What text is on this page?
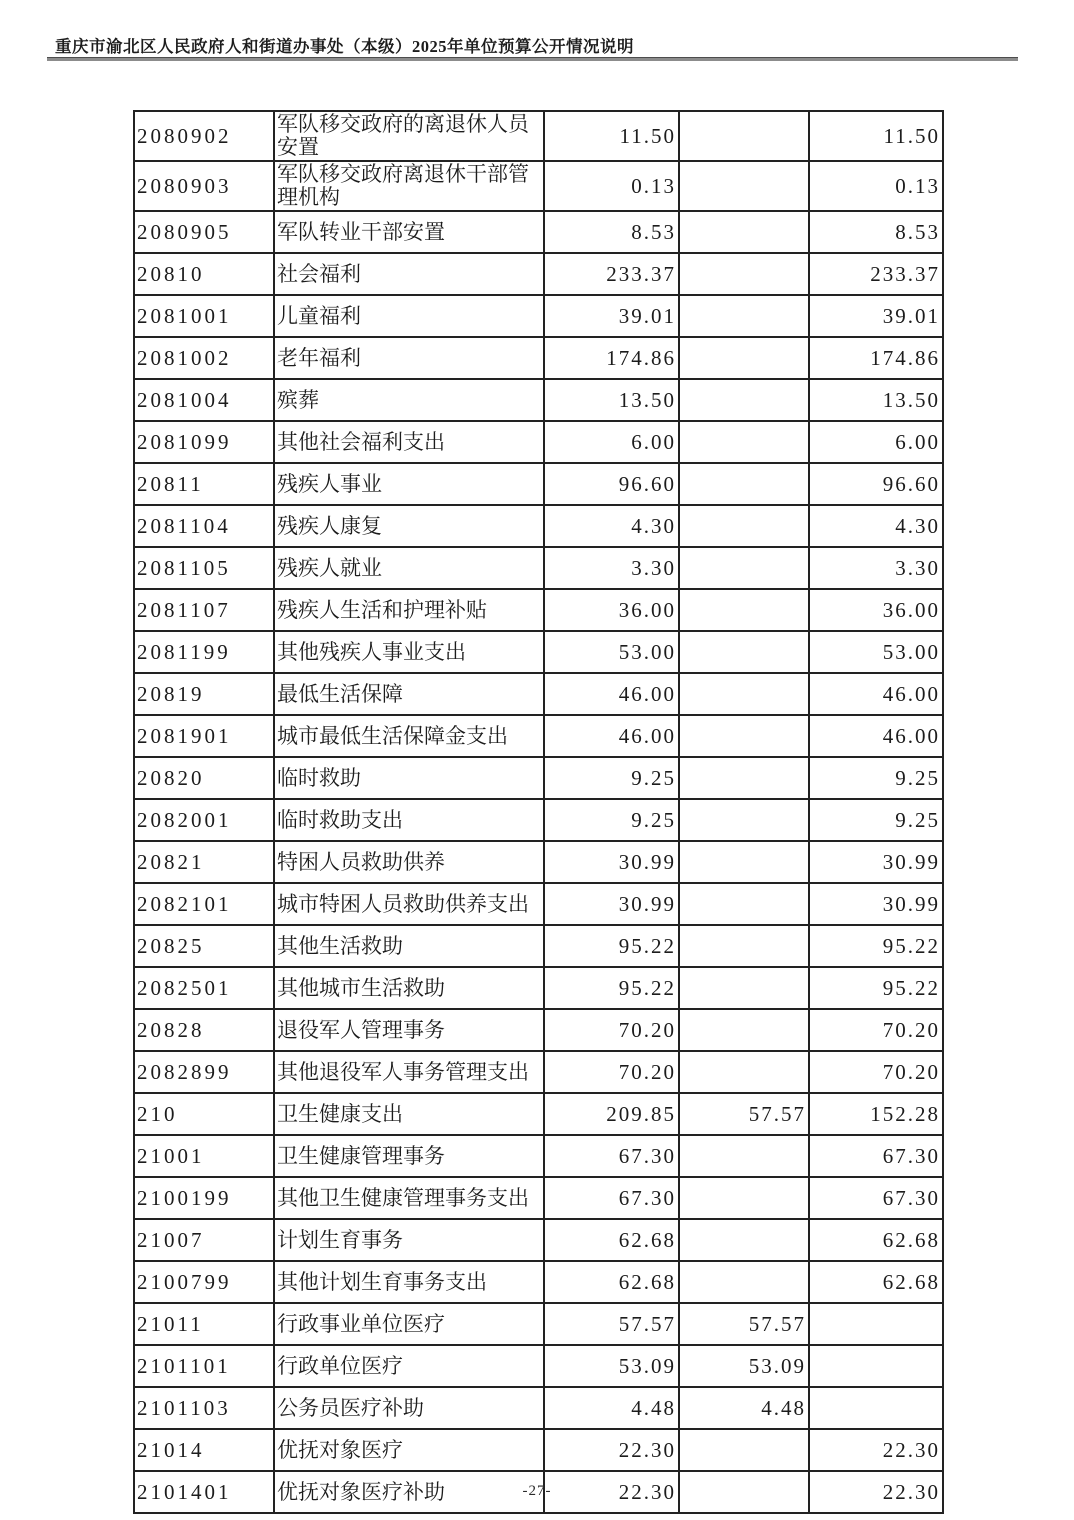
重庆市渝北区人民政府人和街道办事处（本级）2025年单位预算公开情况说明
2080902	军队移交政府的离退休人员安置	11.50		11.50
2080903	军队移交政府离退休干部管理机构	0.13		0.13
2080905	军队转业干部安置	8.53		8.53
20810	社会福利	233.37		233.37
2081001	儿童福利	39.01		39.01
2081002	老年福利	174.86		174.86
2081004	殡葬	13.50		13.50
2081099	其他社会福利支出	6.00		6.00
20811	残疾人事业	96.60		96.60
2081104	残疾人康复	4.30		4.30
2081105	残疾人就业	3.30		3.30
2081107	残疾人生活和护理补贴	36.00		36.00
2081199	其他残疾人事业支出	53.00		53.00
20819	最低生活保障	46.00		46.00
2081901	城市最低生活保障金支出	46.00		46.00
20820	临时救助	9.25		9.25
2082001	临时救助支出	9.25		9.25
20821	特困人员救助供养	30.99		30.99
2082101	城市特困人员救助供养支出	30.99		30.99
20825	其他生活救助	95.22		95.22
2082501	其他城市生活救助	95.22		95.22
20828	退役军人管理事务	70.20		70.20
2082899	其他退役军人事务管理支出	70.20		70.20
210	卫生健康支出	209.85	57.57	152.28
21001	卫生健康管理事务	67.30		67.30
2100199	其他卫生健康管理事务支出	67.30		67.30
21007	计划生育事务	62.68		62.68
2100799	其他计划生育事务支出	62.68		62.68
21011	行政事业单位医疗	57.57	57.57	
2101101	行政单位医疗	53.09	53.09	
2101103	公务员医疗补助	4.48	4.48	
21014	优抚对象医疗	22.30		22.30
2101401	优抚对象医疗补助	22.30		22.30
-27-
